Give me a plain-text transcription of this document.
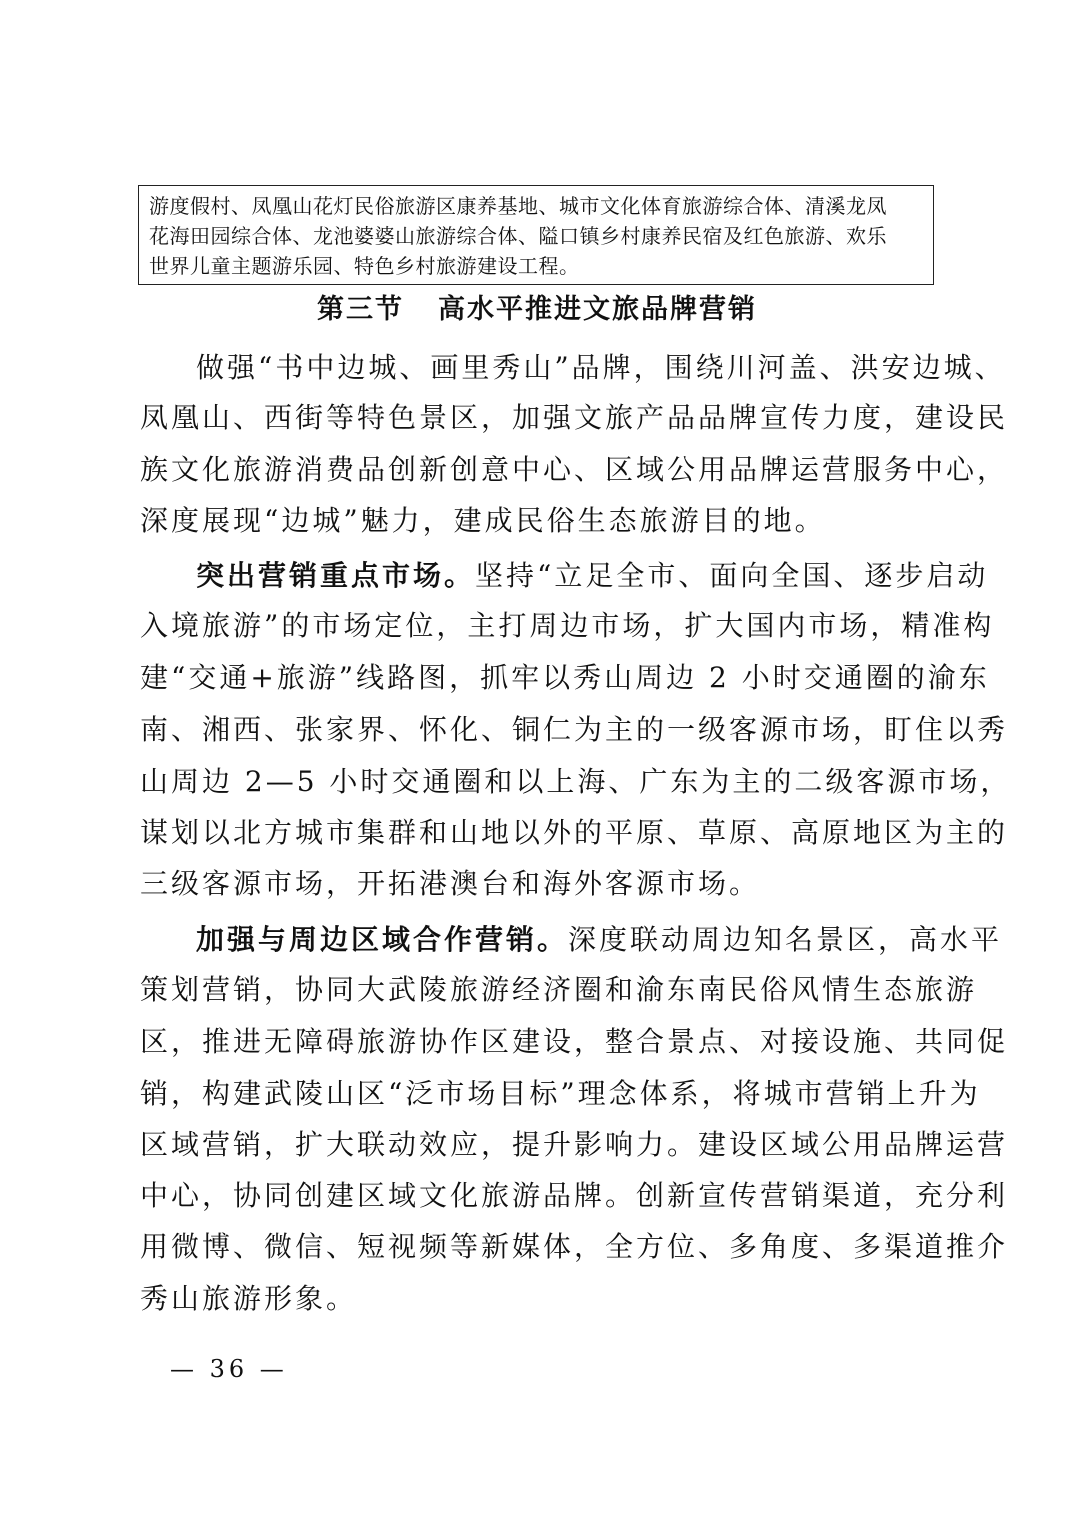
游度假村、凤凰山花灯民俗旅游区康养基地、城市文化体育旅游综合体、清溪龙凤
花海田园综合体、龙池婆婆山旅游综合体、隘口镇乡村康养民宿及红色旅游、欢乐
世界儿童主题游乐园、特色乡村旅游建设工程。
第三节 高水平推进文旅品牌营销
做强“书中边城、画里秀山”品牌，围绕川河盖、洪安边城、
凤凰山、西街等特色景区，加强文旅产品品牌宣传力度，建设民
族文化旅游消费品创新创意中心、区域公用品牌运营服务中心，
深度展现“边城”魅力，建成民俗生态旅游目的地。
突出营销重点市场。坚持“立足全市、面向全国、逐步启动
入境旅游”的市场定位，主打周边市场，扩大国内市场，精准构
建“交通+旅游”线路图，抓牢以秀山周边 2 小时交通圈的渝东
南、湘西、张家界、怀化、铜仁为主的一级客源市场，盯住以秀
山周边 2—5 小时交通圈和以上海、广东为主的二级客源市场，
谋划以北方城市集群和山地以外的平原、草原、高原地区为主的
三级客源市场，开拓港澳台和海外客源市场。
加强与周边区域合作营销。深度联动周边知名景区，高水平
策划营销，协同大武陵旅游经济圈和渝东南民俗风情生态旅游
区，推进无障碍旅游协作区建设，整合景点、对接设施、共同促
销，构建武陵山区“泛市场目标”理念体系，将城市营销上升为
区域营销，扩大联动效应，提升影响力。建设区域公用品牌运营
中心，协同创建区域文化旅游品牌。创新宣传营销渠道，充分利
用微博、微信、短视频等新媒体，全方位、多角度、多渠道推介
秀山旅游形象。
— 36 —
